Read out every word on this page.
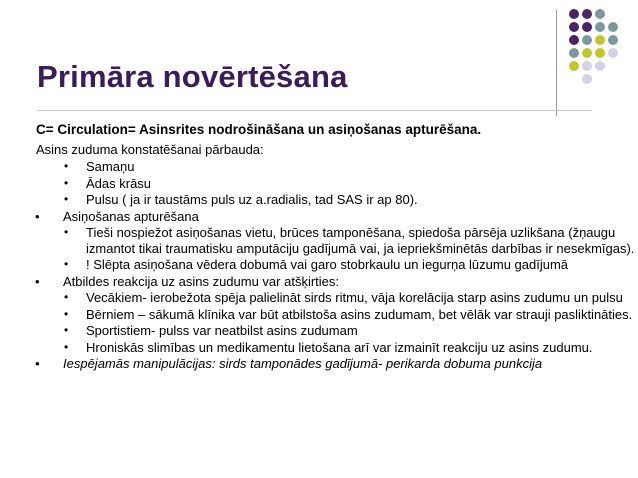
Primāra novērtēšana
C= Circulation= Asinsrites nodrošināšana un asiņošanas apturēšana.
Asins zuduma konstatēšanai pārbauda:
• Samaņu
• Ādas krāsu
• Pulsu ( ja ir taustāms puls uz a.radialis, tad SAS ir ap 80).
• Asiņošanas apturēšana
• Tieši nospiežot asiņošanas vietu, brūces tamponēšana, spiedoša pārsēja uzlikšana (žņaugu izmantot tikai traumatisku amputāciju gadījumā vai, ja iepriekšminētās darbības ir nesekmīgas).
• ! Slēpta asiņošana vēdera dobumā vai garo stobrkaulu un iegurņa lūzumu gadījumā
• Atbildes reakcija uz asins zudumu var atšķirties:
• Vecākiem- ierobežota spēja palielināt sirds ritmu, vāja korelācija starp asins zudumu un pulsu
• Bērniem – sākumā klīnika var būt atbilstoša asins zudumam, bet vēlāk var strauji pasliktināties.
• Sportistiem- pulss var neatbilst asins zudumam
• Hroniskās slimības un medikamentu lietošana arī var izmainīt reakciju uz asins zudumu.
• Iespējamās manipulācijas: sirds tamponādes gadījumā- perikarda dobuma punkcija
